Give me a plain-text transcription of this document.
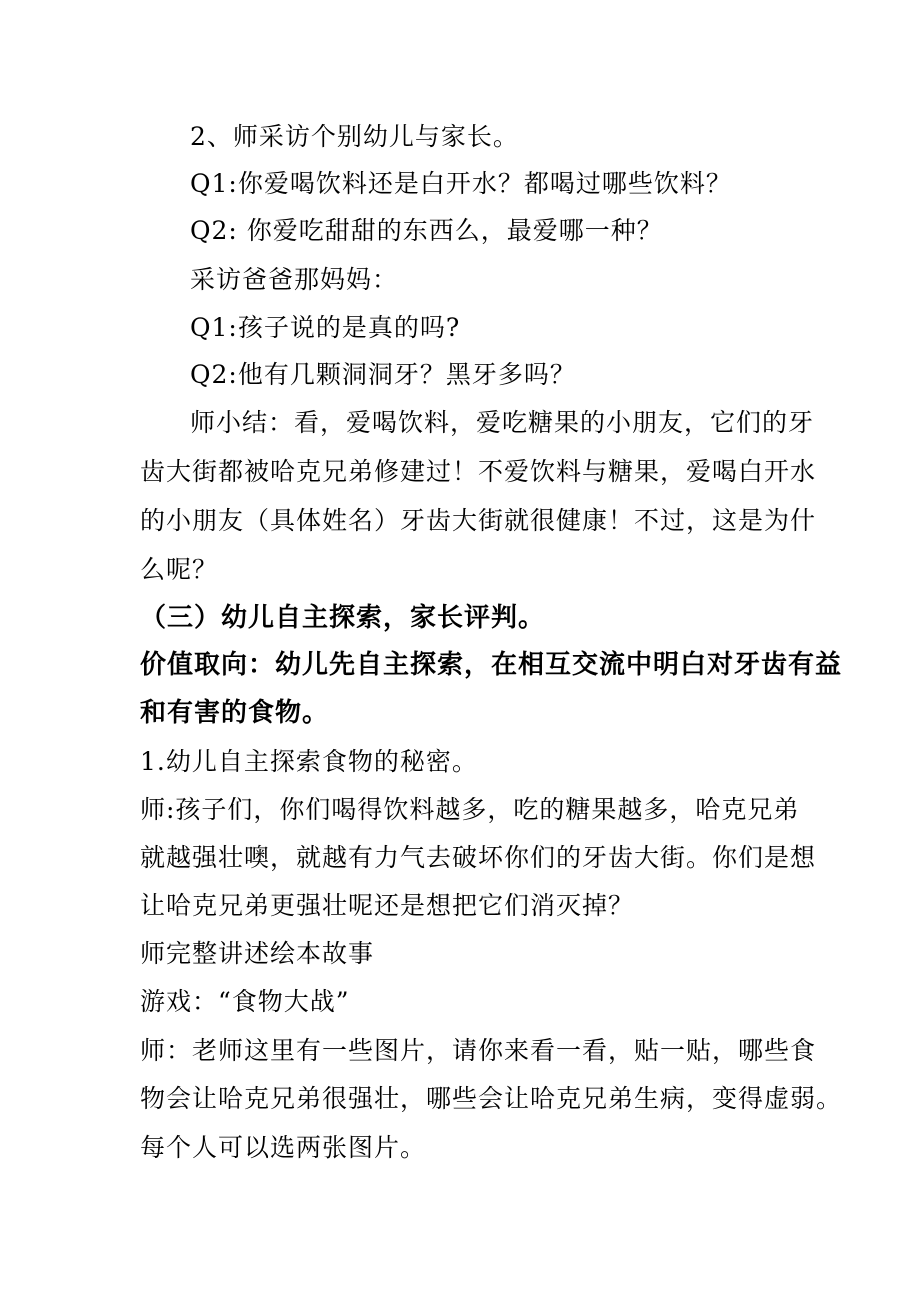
2、师采访个别幼儿与家长。
Q1:你爱喝饮料还是白开水？都喝过哪些饮料？
Q2: 你爱吃甜甜的东西么，最爱哪一种？
采访爸爸那妈妈：
Q1:孩子说的是真的吗?
Q2:他有几颗洞洞牙？黑牙多吗？
师小结：看，爱喝饮料，爱吃糖果的小朋友，它们的牙
齿大街都被哈克兄弟修建过！不爱饮料与糖果，爱喝白开水
的小朋友（具体姓名）牙齿大街就很健康！不过，这是为什
么呢？
（三）幼儿自主探索，家长评判。
价值取向：幼儿先自主探索，在相互交流中明白对牙齿有益
和有害的食物。
1.幼儿自主探索食物的秘密。
师:孩子们，你们喝得饮料越多，吃的糖果越多，哈克兄弟
就越强壮噢，就越有力气去破坏你们的牙齿大街。你们是想
让哈克兄弟更强壮呢还是想把它们消灭掉？
师完整讲述绘本故事
游戏：“食物大战”
师：老师这里有一些图片，请你来看一看，贴一贴，哪些食
物会让哈克兄弟很强壮，哪些会让哈克兄弟生病，变得虚弱。
每个人可以选两张图片。
